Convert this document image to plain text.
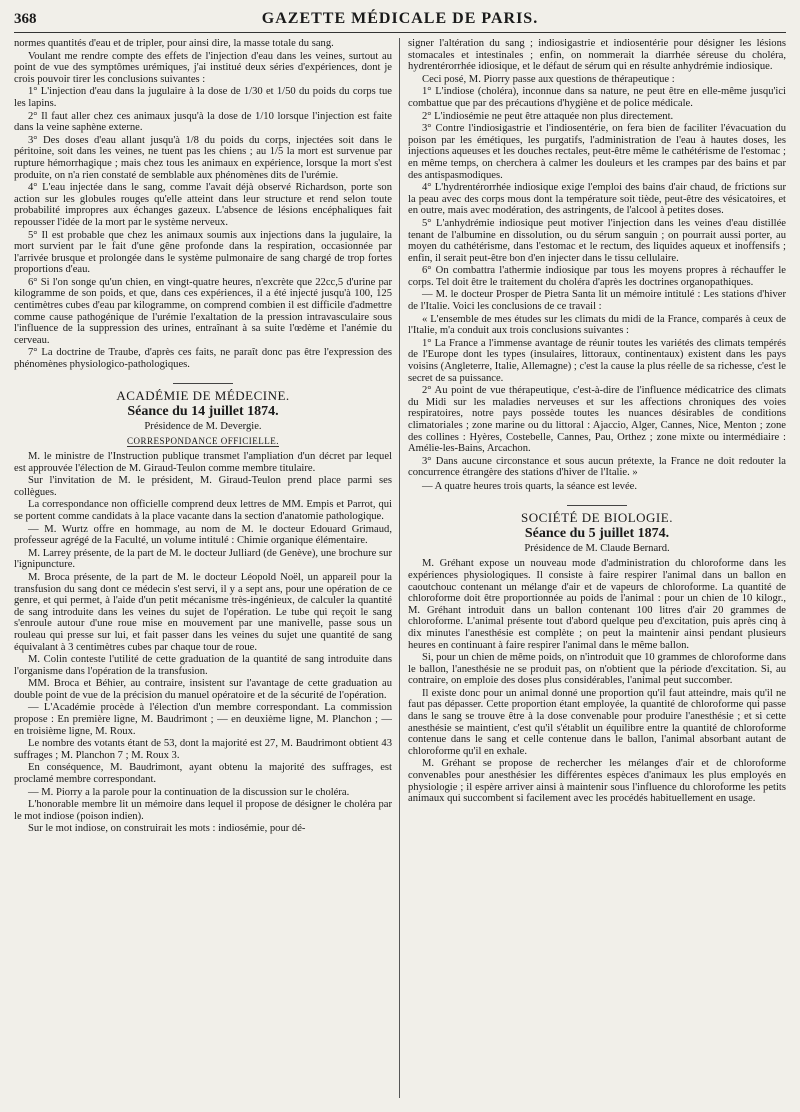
368	GAZETTE MÉDICALE DE PARIS.

normes quantités d'eau et de tripler, pour ainsi dire, la masse totale du sang.

Voulant me rendre compte des effets de l'injection d'eau dans les veines, surtout au point de vue des symptômes urémiques, j'ai institué deux séries d'expériences, dont je crois pouvoir tirer les conclusions suivantes :

1° L'injection d'eau dans la jugulaire à la dose de 1/30 et 1/50 du poids du corps tue les lapins.

2° Il faut aller chez ces animaux jusqu'à la dose de 1/10 lorsque l'injection est faite dans la veine saphène externe.

3° Des doses d'eau allant jusqu'à 1/8 du poids du corps, injectées soit dans le péritoine, soit dans les veines, ne tuent pas les chiens ; au 1/5 la mort est survenue par rupture hémorrhagique ; mais chez tous les animaux en expérience, lorsque la mort s'est produite, on n'a rien constaté de semblable aux phénomènes dits de l'urémie.

4° L'eau injectée dans le sang, comme l'avait déjà observé Richardson, porte son action sur les globules rouges qu'elle atteint dans leur structure et rend selon toute probabilité impropres aux échanges gazeux. L'absence de lésions encéphaliques fait repousser l'idée de la mort par le système nerveux.

5° Il est probable que chez les animaux soumis aux injections dans la jugulaire, la mort survient par le fait d'une gêne profonde dans la respiration, occasionnée par l'arrivée brusque et prolongée dans le système pulmonaire de sang chargé de trop fortes proportions d'eau.

6° Si l'on songe qu'un chien, en vingt-quatre heures, n'excrète que 22cc,5 d'urine par kilogramme de son poids, et que, dans ces expériences, il a été injecté jusqu'à 100, 125 centimètres cubes d'eau par kilogramme, on comprend combien il est difficile d'admettre comme cause pathogénique de l'urémie l'exaltation de la pression intravasculaire sous l'influence de la suppression des urines, entraînant à sa suite l'œdème et l'anémie du cerveau.

7° La doctrine de Traube, d'après ces faits, ne paraît donc pas être l'expression des phénomènes physiologico-pathologiques.

ACADÉMIE DE MÉDECINE.

Séance du 14 juillet 1874.

Présidence de M. Devergie.

CORRESPONDANCE OFFICIELLE.

M. le ministre de l'Instruction publique transmet l'ampliation d'un décret par lequel est approuvée l'élection de M. Giraud-Teulon comme membre titulaire.

Sur l'invitation de M. le président, M. Giraud-Teulon prend place parmi ses collègues.

La correspondance non officielle comprend deux lettres de MM. Empis et Parrot, qui se portent comme candidats à la place vacante dans la section d'anatomie pathologique.

— M. Wurtz offre en hommage, au nom de M. le docteur Edouard Grimaud, professeur agrégé de la Faculté, un volume intitulé : Chimie organique élémentaire.

M. Larrey présente, de la part de M. le docteur Julliard (de Genève), une brochure sur l'ignipuncture.

M. Broca présente, de la part de M. le docteur Léopold Noël, un appareil pour la transfusion du sang dont ce médecin s'est servi, il y a sept ans, pour une opération de ce genre, et qui permet, à l'aide d'un petit mécanisme très-ingénieux, de calculer la quantité de sang introduite dans les veines du sujet de l'opération. Le tube qui reçoit le sang s'enroule autour d'une roue mise en mouvement par une manivelle, passe sous un rouleau qui presse sur lui, et fait passer dans les veines du sujet une quantité de sang équivalant à 3 centimètres cubes par chaque tour de roue.

M. Colin conteste l'utilité de cette graduation de la quantité de sang introduite dans l'organisme dans l'opération de la transfusion.

MM. Broca et Béhier, au contraire, insistent sur l'avantage de cette graduation au double point de vue de la précision du manuel opératoire et de la sécurité de l'opération.

— L'Académie procède à l'élection d'un membre correspondant. La commission propose : En première ligne, M. Baudrimont ; — en deuxième ligne, M. Planchon ; — en troisième ligne, M. Roux.

Le nombre des votants étant de 53, dont la majorité est 27, M. Baudrimont obtient 43 suffrages ; M. Planchon 7 ; M. Roux 3.

En conséquence, M. Baudrimont, ayant obtenu la majorité des suffrages, est proclamé membre correspondant.

— M. Piorry a la parole pour la continuation de la discussion sur le choléra.

L'honorable membre lit un mémoire dans lequel il propose de désigner le choléra par le mot indiose (poison indien).

Sur le mot indiose, on construirait les mots : indiosémie, pour dé-

signer l'altération du sang ; indiosigastrie et indiosentérie pour désigner les lésions stomacales et intestinales ; enfin, on nommerait la diarrhée séreuse du choléra, hydrentérorrhée idiosique, et le défaut de sérum qui en résulte anhydrémie indiosique.

Ceci posé, M. Piorry passe aux questions de thérapeutique :

1° L'indiose (choléra), inconnue dans sa nature, ne peut être en elle-même jusqu'ici combattue que par des précautions d'hygiène et de police médicale.

2° L'indiosémie ne peut être attaquée non plus directement.

3° Contre l'indiosigastrie et l'indiosentérie, on fera bien de faciliter l'évacuation du poison par les émétiques, les purgatifs, l'administration de l'eau à hautes doses, les injections aqueuses et les douches rectales, peut-être même le cathétérisme de l'estomac ; en même temps, on cherchera à calmer les douleurs et les crampes par des bains et par des antispasmodiques.

4° L'hydrentérorrhée indiosique exige l'emploi des bains d'air chaud, de frictions sur la peau avec des corps mous dont la température soit tiède, peut-être des vésicatoires, et en outre, mais avec modération, des astringents, de l'alcool à petites doses.

5° L'anhydrémie indiosique peut motiver l'injection dans les veines d'eau distillée tenant de l'albumine en dissolution, ou du sérum sanguin ; on pourrait aussi porter, au moyen du cathétérisme, dans l'estomac et le rectum, des liquides aqueux et inoffensifs ; enfin, il serait peut-être bon d'en injecter dans le tissu cellulaire.

6° On combattra l'athermie indiosique par tous les moyens propres à réchauffer le corps. Tel doit être le traitement du choléra d'après les doctrines organopathiques.

— M. le docteur Prosper de Pietra Santa lit un mémoire intitulé : Les stations d'hiver de l'Italie. Voici les conclusions de ce travail :

« L'ensemble de mes études sur les climats du midi de la France, comparés à ceux de l'Italie, m'a conduit aux trois conclusions suivantes :

1° La France a l'immense avantage de réunir toutes les variétés des climats tempérés de l'Europe dont les types (insulaires, littoraux, continentaux) existent dans les pays voisins (Angleterre, Italie, Allemagne) ; c'est la cause la plus réelle de sa richesse, c'est le secret de sa puissance.

2° Au point de vue thérapeutique, c'est-à-dire de l'influence médicatrice des climats du Midi sur les maladies nerveuses et sur les affections chroniques des voies respiratoires, notre pays possède toutes les nuances désirables de conditions climatoriales ; zone marine ou du littoral : Ajaccio, Alger, Cannes, Nice, Menton ; zone des collines : Hyères, Costebelle, Cannes, Pau, Orthez ; zone mixte ou intermédiaire : Amélie-les-Bains, Arcachon.

3° Dans aucune circonstance et sous aucun prétexte, la France ne doit redouter la concurrence étrangère des stations d'hiver de l'Italie. »

— A quatre heures trois quarts, la séance est levée.

SOCIÉTÉ DE BIOLOGIE.

Séance du 5 juillet 1874.

Présidence de M. Claude Bernard.

M. Gréhant expose un nouveau mode d'administration du chloroforme dans les expériences physiologiques. Il consiste à faire respirer l'animal dans un ballon en caoutchouc contenant un mélange d'air et de vapeurs de chloroforme. La quantité de chloroforme doit être proportionnée au poids de l'animal : pour un chien de 10 kilogr., M. Gréhant introduit dans un ballon contenant 100 litres d'air 20 grammes de chloroforme. L'animal présente tout d'abord quelque peu d'excitation, puis après cinq à dix minutes l'anesthésie est complète ; on peut la maintenir ainsi pendant plusieurs heures en continuant à faire respirer l'animal dans le même ballon.

Si, pour un chien de même poids, on n'introduit que 10 grammes de chloroforme dans le ballon, l'anesthésie ne se produit pas, on n'obtient que la période d'excitation. Si, au contraire, on emploie des doses plus considérables, l'animal peut succomber.

Il existe donc pour un animal donné une proportion qu'il faut atteindre, mais qu'il ne faut pas dépasser. Cette proportion étant employée, la quantité de chloroforme qui passe dans le sang se trouve être à la dose convenable pour produire l'anesthésie ; et si cette anesthésie se maintient, c'est qu'il s'établit un équilibre entre la quantité de chloroforme contenue dans le sang et celle contenue dans le ballon, l'animal absorbant autant de chloroforme qu'il en exhale.

M. Gréhant se propose de rechercher les mélanges d'air et de chloroforme convenables pour anesthésier les différentes espèces d'animaux les plus employés en physiologie ; il espère arriver ainsi à maintenir sous l'influence du chloroforme les petits animaux qui succombent si facilement avec les procédés habituellement en usage.
